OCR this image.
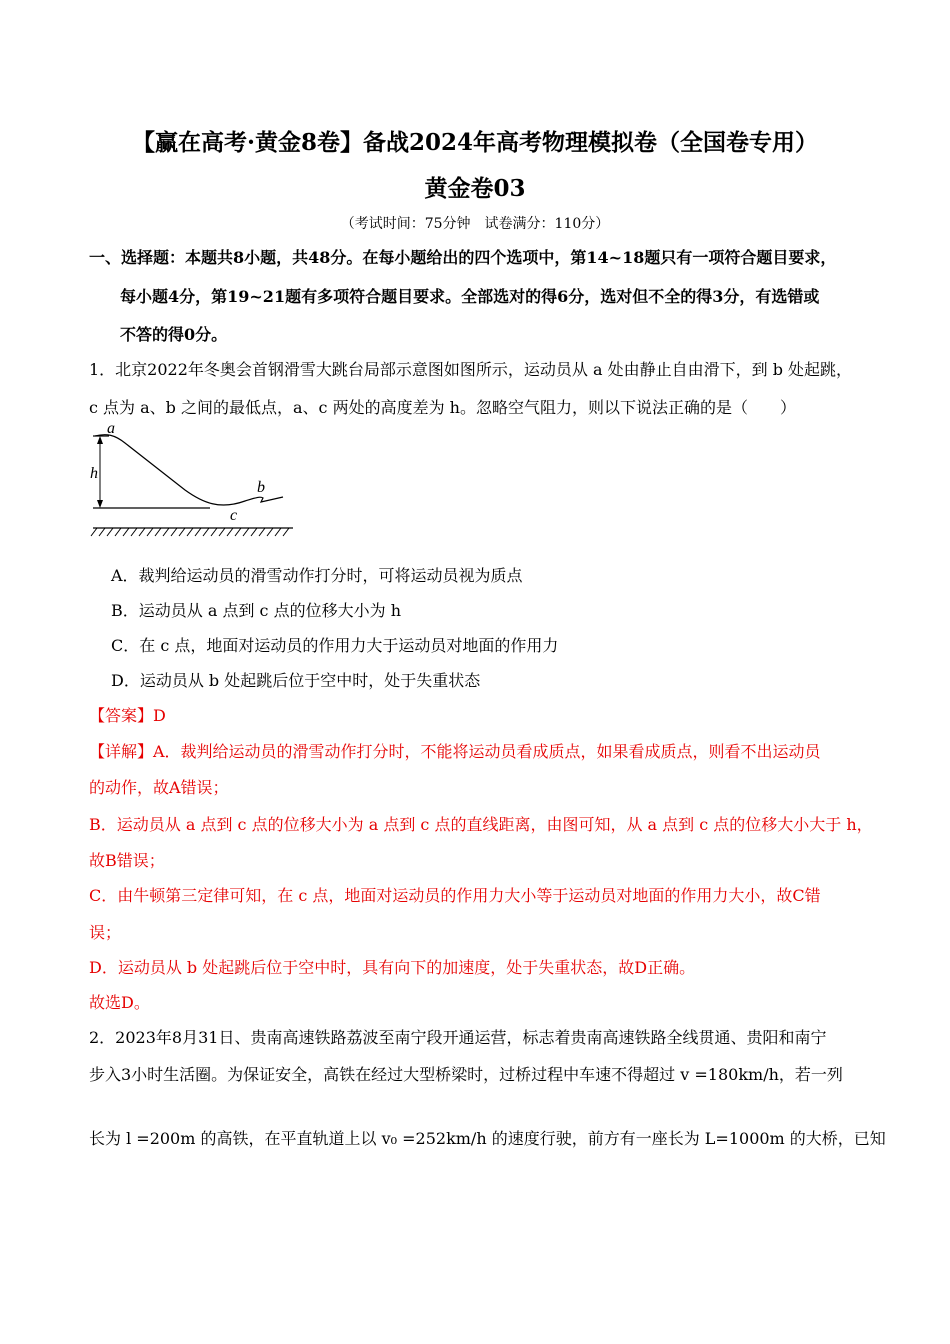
【赢在高考·黄金8卷】备战2024年高考物理模拟卷（全国卷专用）
黄金卷03
（考试时间：75分钟　试卷满分：110分）
一、选择题：本题共8小题，共48分。在每小题给出的四个选项中，第14~18题只有一项符合题目要求，
每小题4分，第19~21题有多项符合题目要求。全部选对的得6分，选对但不全的得3分，有选错或
不答的得0分。
1．北京2022年冬奥会首钢滑雪大跳台局部示意图如图所示，运动员从 a 处由静止自由滑下，到 b 处起跳，
c 点为 a、b 之间的最低点，a、c 两处的高度差为 h。忽略空气阻力，则以下说法正确的是（　　）
a
h
b
c
A．裁判给运动员的滑雪动作打分时，可将运动员视为质点
B．运动员从 a 点到 c 点的位移大小为 h
C．在 c 点，地面对运动员的作用力大于运动员对地面的作用力
D．运动员从 b 处起跳后位于空中时，处于失重状态
【答案】D
【详解】A．裁判给运动员的滑雪动作打分时，不能将运动员看成质点，如果看成质点，则看不出运动员
的动作，故A错误；
B．运动员从 a 点到 c 点的位移大小为 a 点到 c 点的直线距离，由图可知，从 a 点到 c 点的位移大小大于 h，
故B错误；
C．由牛顿第三定律可知，在 c 点，地面对运动员的作用力大小等于运动员对地面的作用力大小，故C错
误；
D．运动员从 b 处起跳后位于空中时，具有向下的加速度，处于失重状态，故D正确。
故选D。
2．2023年8月31日、贵南高速铁路荔波至南宁段开通运营，标志着贵南高速铁路全线贯通、贵阳和南宁
步入3小时生活圈。为保证安全，高铁在经过大型桥梁时，过桥过程中车速不得超过 v =180km/h，若一列
长为 l =200m 的高铁，在平直轨道上以 v₀ =252km/h 的速度行驶，前方有一座长为 L=1000m 的大桥，已知
